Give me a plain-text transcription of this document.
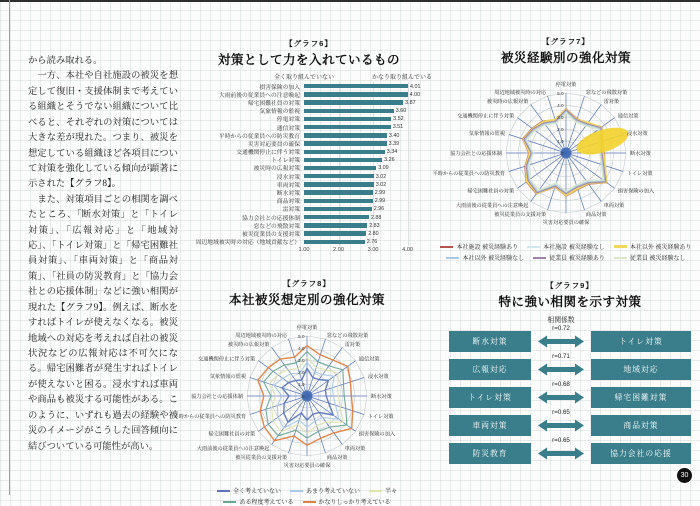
から読み取れる。

　一方、本社や自社施設の被災を想定して復旧・支援体制まで考えている組織とそうでない組織について比べると、それぞれの対策については大きな差が現れた。つまり、被災を想定している組織ほど各項目について対策を強化している傾向が顕著に示された【グラフ8】。

　また、対策項目ごとの相関を調べたところ、「断水対策」と「トイレ対策」、「広報対応」と「地域対応」、「トイレ対策」と「帰宅困難社員対策」、「車両対策」と「商品対策」、「社員の防災教育」と「協力会社との応援体制」などに強い相関が現れた【グラフ9】。例えば、断水をすればトイレが使えなくなる。被災地域への対応を考えれば自社の被災状況などの広報対応は不可欠になる。帰宅困難者が発生すればトイレが使えないと困る。浸水すれば車両や商品も被災する可能性がある。このように、いずれも過去の経験や被災のイメージがこうした回答傾向に結びついている可能性が高い。

【グラフ6】
対策として力を入れているもの
全く取り組んでいない	かなり取り組んでいる
損害保険の加入	4.01
大雨前後の従業員への注意喚起	4.00
帰宅困難社員の対策	3.87
気象情報の監視	3.60
停電対策	3.52
通信対策	3.51
平時からの従業員への防災教育	3.40
災害対応要員の確保	3.39
交通機関停止に伴う対策	3.34
トイレ対策	3.26
被災時の広報対策	3.09
浸水対策	3.02
車両対策	3.02
断水対策	2.99
商品対策	2.99
雷対策	2.96
協力会社との応援体制	2.88
窓などの飛散対策	2.83
被災従業員の支援対策	2.80
周辺地域被災時の対応（地域貢献など）	2.76
1.00	2.00	3.00	4.00
【グラフ7】
被災経験別の強化対策
5.0
4.0
3.0
2.0
1.0
0
停電対策
窓などの飛散対策
雷対策
通信対策
浸水対策
断水対策
トイレ対策
損害保険の加入
車両対策
商品対策
災害対応要員の確保
被災従業員の支援対策
大雨前後の従業員への注意喚起
帰宅困難社員の対策
平時からの従業員への防災教育
協力会社との応援体制
気象情報の監視
交通機関停止に伴う対策
被災時の広報対策
周辺地域被災時の対応
本社施設 被災経験あり	本社施設 被災経験なし	本社以外 被災経験あり
本社以外 被災経験なし	従業員 被災経験あり	従業員 被災経験なし
【グラフ8】
本社被災想定別の強化対策
5.0
4.0
3.0
2.0
1.0
0
停電対策
窓などの飛散対策
雷対策
通信対策
浸水対策
断水対策
トイレ対策
損害保険の加入
車両対策
商品対策
災害対応要員の確保
被災従業員の支援対策
大雨前後の従業員への注意喚起
帰宅困難社員の対策
平時からの従業員への防災教育
協力会社との応援体制
気象情報の監視
交通機関停止に伴う対策
被災時の広報対策
周辺地域被災時の対応
全く考えていない	あまり考えていない	半々
ある程度考えている	かなりしっかり考えている
【グラフ9】
特に強い相関を示す対策
相関係数
断水対策
r=0.72
トイレ対策
広報対応
r=0.71
地域対応
トイレ対策
r=0.68
帰宅困難対策
車両対策
r=0.65
商品対策
防災教育
r=0.65
協力会社の応援
30
